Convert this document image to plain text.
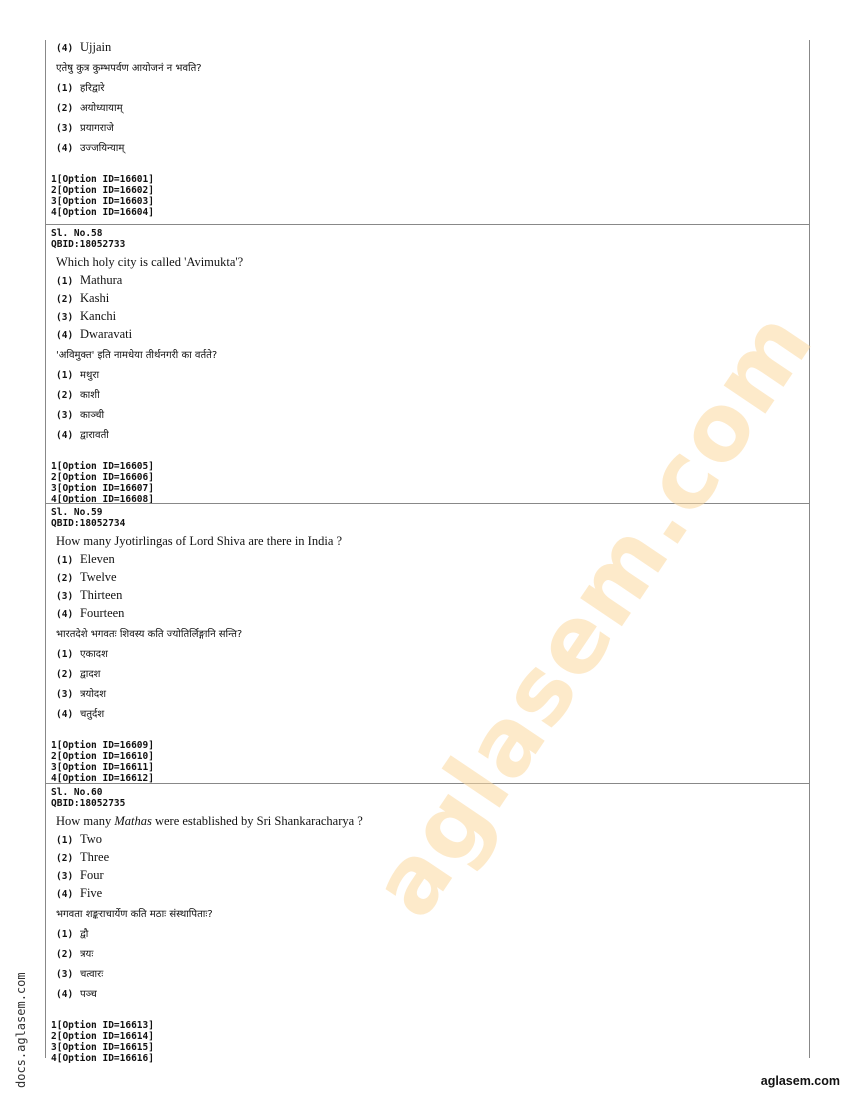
(4) Ujjain
एतेषु कुत्र कुम्भपर्वण आयोजनं न भवति?
(1) हरिद्वारे
(2) अयोध्यायाम्
(3) प्रयागराजे
(4) उज्जयिन्याम्
1[Option ID=16601]
2[Option ID=16602]
3[Option ID=16603]
4[Option ID=16604]
Sl. No.58
QBID:18052733
Which holy city is called 'Avimukta'?
(1) Mathura
(2) Kashi
(3) Kanchi
(4) Dwaravati
'अविमुक्त' इति नामधेया तीर्थनगरी का वर्तते?
(1) मथुरा
(2) काशी
(3) काञ्ची
(4) द्वारावती
1[Option ID=16605]
2[Option ID=16606]
3[Option ID=16607]
4[Option ID=16608]
Sl. No.59
QBID:18052734
How many Jyotirlingas of Lord Shiva are there in India ?
(1) Eleven
(2) Twelve
(3) Thirteen
(4) Fourteen
भारतदेशे भगवतः शिवस्य कति ज्योतिर्लिङ्गानि सन्ति?
(1) एकादश
(2) द्वादश
(3) त्रयोदश
(4) चतुर्दश
1[Option ID=16609]
2[Option ID=16610]
3[Option ID=16611]
4[Option ID=16612]
Sl. No.60
QBID:18052735
How many Mathas were established by Sri Shankaracharya ?
(1) Two
(2) Three
(3) Four
(4) Five
भगवता शङ्कराचार्येण कति मठाः संस्थापिताः?
(1) द्वौ
(2) त्रयः
(3) चत्वारः
(4) पञ्च
1[Option ID=16613]
2[Option ID=16614]
3[Option ID=16615]
4[Option ID=16616]
aglasem.com
docs.aglasem.com	aglasem.com
